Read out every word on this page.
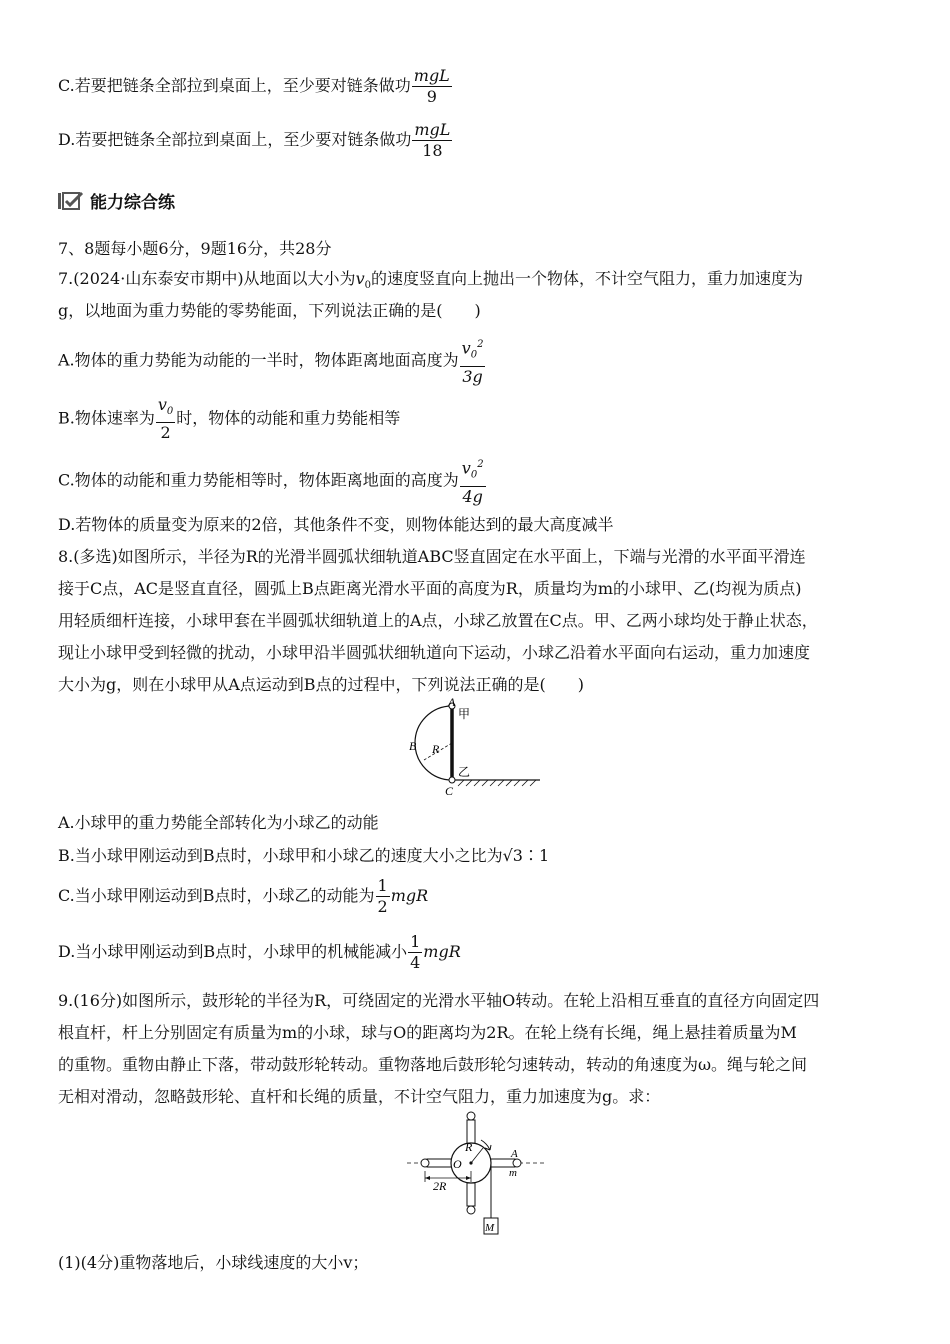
C.若要把链条全部拉到桌面上，至少要对链条做功 $\frac{\text{mgL}}{9}$
D.若要把链条全部拉到桌面上，至少要对链条做功 $\frac{\text{mgL}}{18}$
能力综合练
7、8题每小题6分，9题16分，共28分
7.(2024·山东泰安市期中)从地面以大小为$v_0$的速度竖直向上抛出一个物体，不计空气阻力，重力加速度为
g，以地面为重力势能的零势能面，下列说法正确的是(　　)
A.物体的重力势能为动能的一半时，物体距离地面高度为 $\frac{v_0^2}{3g}$
B.物体速率为 $\frac{v_0}{2}$ 时，物体的动能和重力势能相等
C.物体的动能和重力势能相等时，物体距离地面的高度为 $\frac{v_0^2}{4g}$
D.若物体的质量变为原来的2倍，其他条件不变，则物体能达到的最大高度减半
8.(多选)如图所示，半径为R的光滑半圆弧状细轨道ABC竖直固定在水平面上，下端与光滑的水平面平滑连
接于C点，AC是竖直直径，圆弧上B点距离光滑水平面的高度为R，质量均为m的小球甲、乙(均视为质点)
用轻质细杆连接，小球甲套在半圆弧状细轨道上的A点，小球乙放置在C点。甲、乙两小球均处于静止状态，
现让小球甲受到轻微的扰动，小球甲沿半圆弧状细轨道向下运动，小球乙沿着水平面向右运动，重力加速度
大小为g，则在小球甲从A点运动到B点的过程中，下列说法正确的是(　　)
A
甲
B R
乙
C
A.小球甲的重力势能全部转化为小球乙的动能
B.当小球甲刚运动到B点时，小球甲和小球乙的速度大小之比为√3∶1
C.当小球甲刚运动到B点时，小球乙的动能为 $\frac{1}{2}$ mgR
D.当小球甲刚运动到B点时，小球甲的机械能减小 $\frac{1}{4}$ mgR
9.(16分)如图所示，鼓形轮的半径为R，可绕固定的光滑水平轴O转动。在轮上沿相互垂直的直径方向固定四
根直杆，杆上分别固定有质量为m的小球，球与O的距离均为2R。在轮上绕有长绳，绳上悬挂着质量为M
的重物。重物由静止下落，带动鼓形轮转动。重物落地后鼓形轮匀速转动，转动的角速度为ω。绳与轮之间
无相对滑动，忽略鼓形轮、直杆和长绳的质量，不计空气阻力，重力加速度为g。求：
R
O
A
m
2R
M
(1)(4分)重物落地后，小球线速度的大小v；
